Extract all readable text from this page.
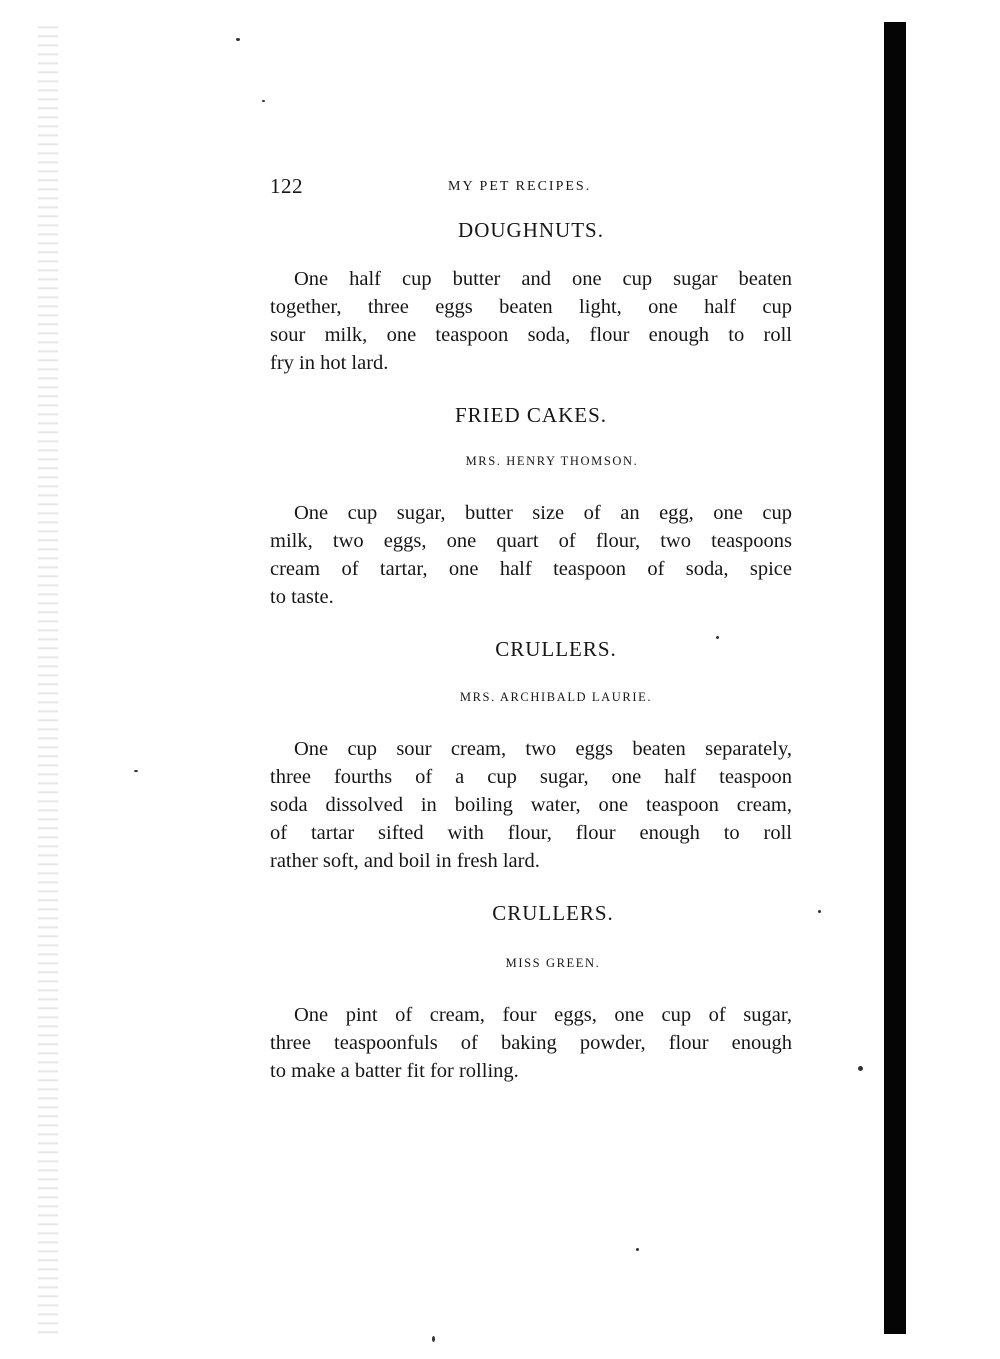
122	MY PET RECIPES.
DOUGHNUTS.
One half cup butter and one cup sugar beaten
together, three eggs beaten light, one half cup
sour milk, one teaspoon soda, flour enough to roll
fry in hot lard.
FRIED CAKES.

MRS. HENRY THOMSON.

One cup sugar, butter size of an egg, one cup
milk, two eggs, one quart of flour, two teaspoons
cream of tartar, one half teaspoon of soda, spice
to taste.
CRULLERS.

MRS. ARCHIBALD LAURIE.

One cup sour cream, two eggs beaten separately,
three fourths of a cup sugar, one half teaspoon
soda dissolved in boiling water, one teaspoon cream,
of tartar sifted with flour, flour enough to roll
rather soft, and boil in fresh lard.
CRULLERS.

MISS GREEN.

One pint of cream, four eggs, one cup of sugar,
three teaspoonfuls of baking powder, flour enough
to make a batter fit for rolling.
